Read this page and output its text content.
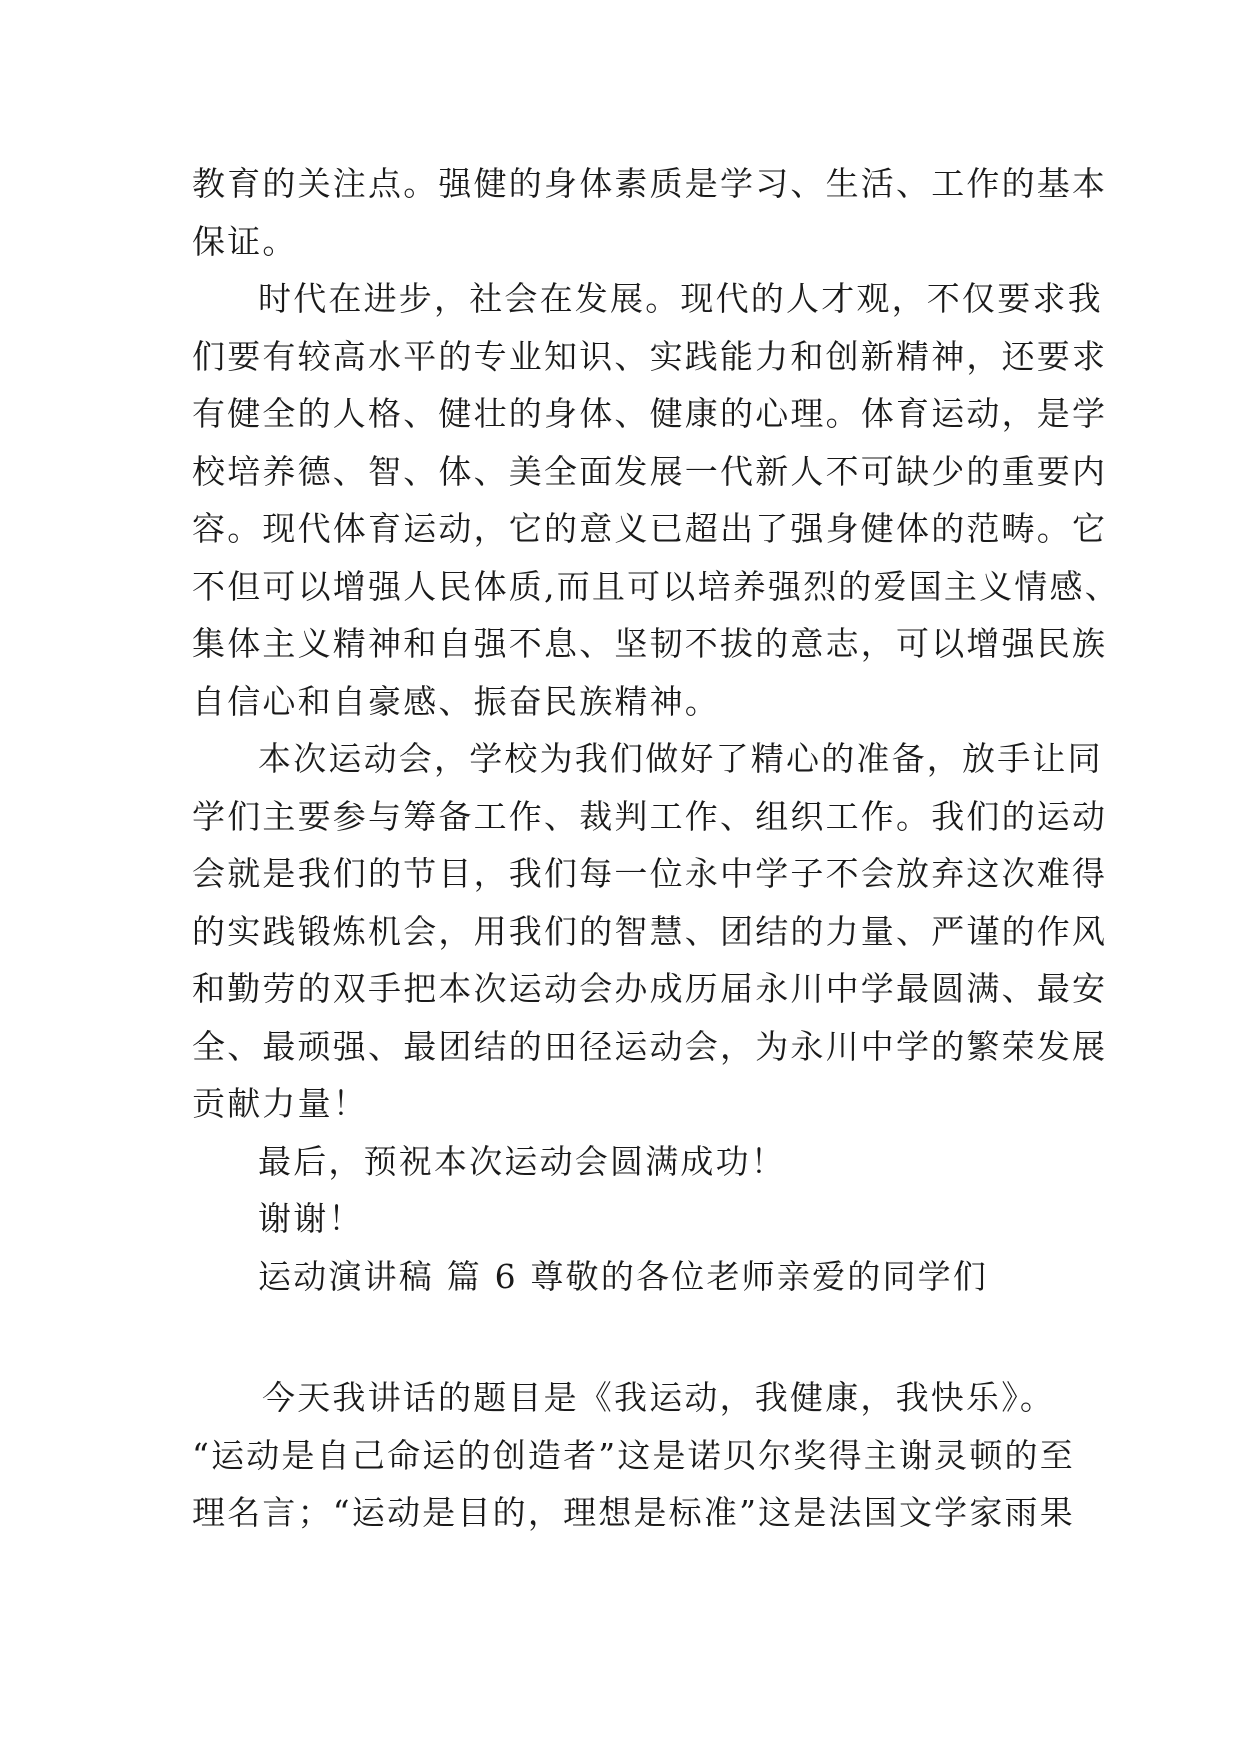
教育的关注点。强健的身体素质是学习、生活、工作的基本
保证。
时代在进步，社会在发展。现代的人才观，不仅要求我
们要有较高水平的专业知识、实践能力和创新精神，还要求
有健全的人格、健壮的身体、健康的心理。体育运动，是学
校培养德、智、体、美全面发展一代新人不可缺少的重要内
容。现代体育运动，它的意义已超出了强身健体的范畴。它
不但可以增强人民体质,而且可以培养强烈的爱国主义情感、
集体主义精神和自强不息、坚韧不拔的意志，可以增强民族
自信心和自豪感、振奋民族精神。
本次运动会，学校为我们做好了精心的准备，放手让同
学们主要参与筹备工作、裁判工作、组织工作。我们的运动
会就是我们的节目，我们每一位永中学子不会放弃这次难得
的实践锻炼机会，用我们的智慧、团结的力量、严谨的作风
和勤劳的双手把本次运动会办成历届永川中学最圆满、最安
全、最顽强、最团结的田径运动会，为永川中学的繁荣发展
贡献力量！
最后，预祝本次运动会圆满成功！
谢谢！
运动演讲稿 篇 6 尊敬的各位老师亲爱的同学们
今天我讲话的题目是《我运动，我健康，我快乐》。
“运动是自己命运的创造者”这是诺贝尔奖得主谢灵顿的至
理名言；“运动是目的，理想是标准”这是法国文学家雨果
